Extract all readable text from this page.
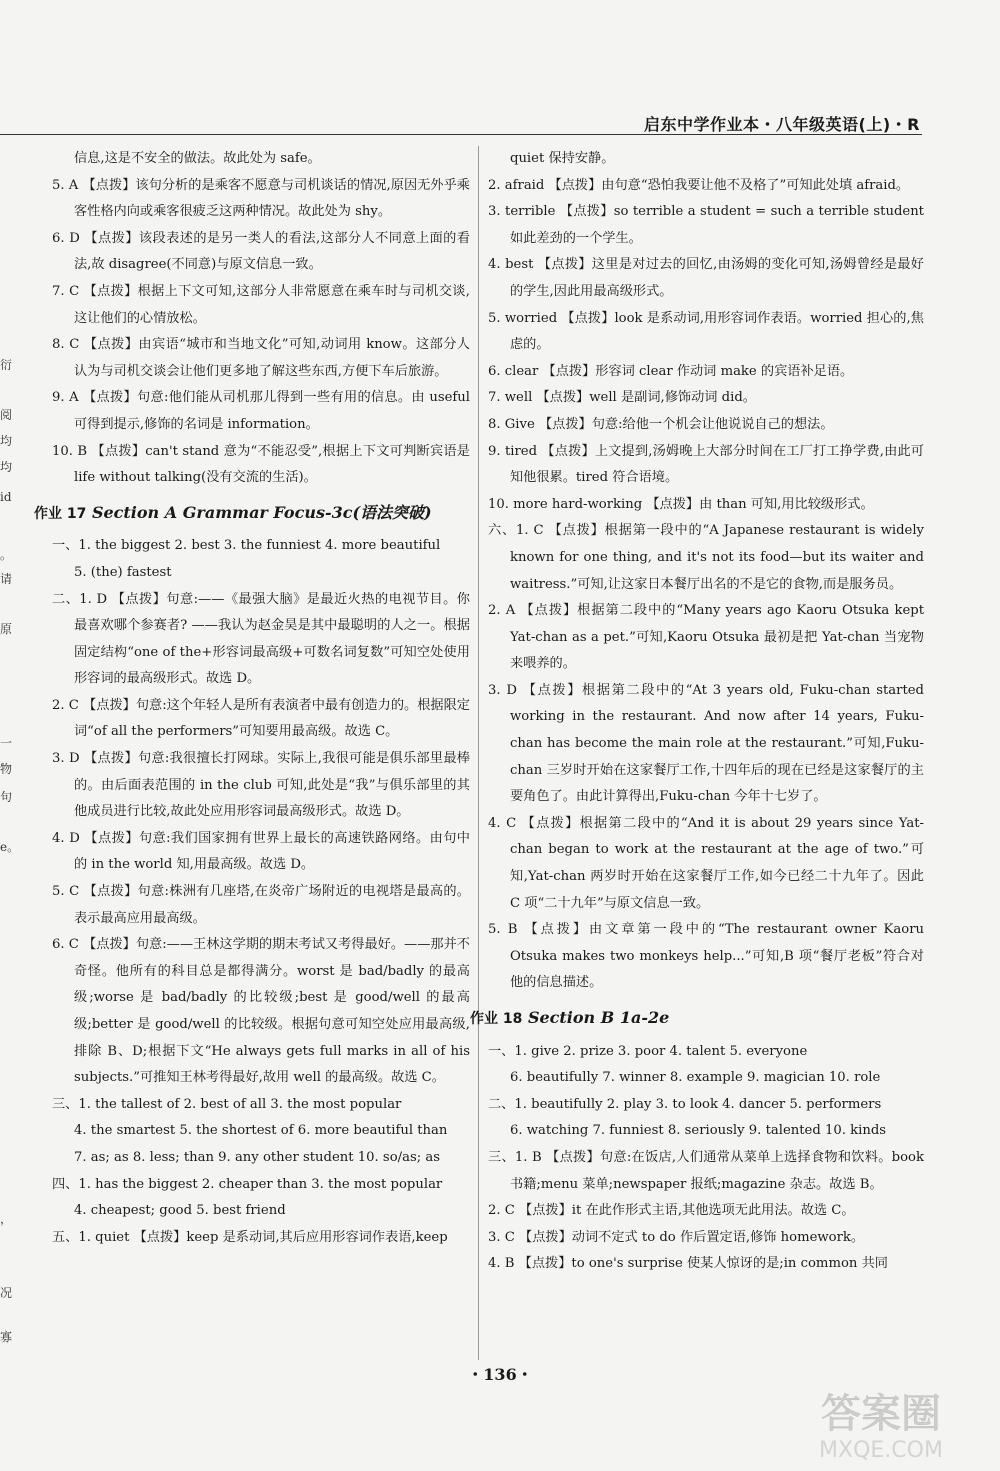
启东中学作业本・八年级英语(上)・R
衍
阅
均
均
id
。
请
原
一
物
句
e。
，
况
寡

信息,这是不安全的做法。故此处为 safe。

5. A 【点拨】该句分析的是乘客不愿意与司机谈话的情况,原因无外乎乘客性格内向或乘客很疲乏这两种情况。故此处为 shy。

6. D 【点拨】该段表述的是另一类人的看法,这部分人不同意上面的看法,故 disagree(不同意)与原文信息一致。

7. C 【点拨】根据上下文可知,这部分人非常愿意在乘车时与司机交谈,这让他们的心情放松。

8. C 【点拨】由宾语“城市和当地文化”可知,动词用 know。这部分人认为与司机交谈会让他们更多地了解这些东西,方便下车后旅游。

9. A 【点拨】句意:他们能从司机那儿得到一些有用的信息。由 useful 可得到提示,修饰的名词是 information。

10. B 【点拨】can't stand 意为“不能忍受”,根据上下文可判断宾语是 life without talking(没有交流的生活)。

作业 17 Section A Grammar Focus-3c(语法突破)

一、1. the biggest 2. best 3. the funniest 4. more beautiful

5. (the) fastest

二、1. D 【点拨】句意:——《最强大脑》是最近火热的电视节目。你最喜欢哪个参赛者? ——我认为赵金昊是其中最聪明的人之一。根据固定结构“one of the+形容词最高级+可数名词复数”可知空处使用形容词的最高级形式。故选 D。

2. C 【点拨】句意:这个年轻人是所有表演者中最有创造力的。根据限定词“of all the performers”可知要用最高级。故选 C。

3. D 【点拨】句意:我很擅长打网球。实际上,我很可能是俱乐部里最棒的。由后面表范围的 in the club 可知,此处是“我”与俱乐部里的其他成员进行比较,故此处应用形容词最高级形式。故选 D。

4. D 【点拨】句意:我们国家拥有世界上最长的高速铁路网络。由句中的 in the world 知,用最高级。故选 D。

5. C 【点拨】句意:株洲有几座塔,在炎帝广场附近的电视塔是最高的。表示最高应用最高级。

6. C 【点拨】句意:——王林这学期的期末考试又考得最好。——那并不奇怪。他所有的科目总是都得满分。worst 是 bad/badly 的最高级;worse 是 bad/badly 的比较级;best 是 good/well 的最高级;better 是 good/well 的比较级。根据句意可知空处应用最高级,排除 B、D;根据下文“He always gets full marks in all of his subjects.”可推知王林考得最好,故用 well 的最高级。故选 C。

三、1. the tallest of 2. best of all 3. the most popular

4. the smartest 5. the shortest of 6. more beautiful than

7. as; as 8. less; than 9. any other student 10. so/as; as

四、1. has the biggest 2. cheaper than 3. the most popular

4. cheapest; good 5. best friend

五、1. quiet 【点拨】keep 是系动词,其后应用形容词作表语,keep

quiet 保持安静。

2. afraid 【点拨】由句意“恐怕我要让他不及格了”可知此处填 afraid。

3. terrible 【点拨】so terrible a student = such a terrible student 如此差劲的一个学生。

4. best 【点拨】这里是对过去的回忆,由汤姆的变化可知,汤姆曾经是最好的学生,因此用最高级形式。

5. worried 【点拨】look 是系动词,用形容词作表语。worried 担心的,焦虑的。

6. clear 【点拨】形容词 clear 作动词 make 的宾语补足语。

7. well 【点拨】well 是副词,修饰动词 did。

8. Give 【点拨】句意:给他一个机会让他说说自己的想法。

9. tired 【点拨】上文提到,汤姆晚上大部分时间在工厂打工挣学费,由此可知他很累。tired 符合语境。

10. more hard-working 【点拨】由 than 可知,用比较级形式。

六、1. C 【点拨】根据第一段中的“A Japanese restaurant is widely known for one thing, and it's not its food—but its waiter and waitress.”可知,让这家日本餐厅出名的不是它的食物,而是服务员。

2. A 【点拨】根据第二段中的“Many years ago Kaoru Otsuka kept Yat-chan as a pet.”可知,Kaoru Otsuka 最初是把 Yat-chan 当宠物来喂养的。

3. D 【点拨】根据第二段中的“At 3 years old, Fuku-chan started working in the restaurant. And now after 14 years, Fuku-chan has become the main role at the restaurant.”可知,Fuku-chan 三岁时开始在这家餐厅工作,十四年后的现在已经是这家餐厅的主要角色了。由此计算得出,Fuku-chan 今年十七岁了。

4. C 【点拨】根据第二段中的“And it is about 29 years since Yat-chan began to work at the restaurant at the age of two.”可知,Yat-chan 两岁时开始在这家餐厅工作,如今已经二十九年了。因此 C 项“二十九年”与原文信息一致。

5. B 【点拨】由文章第一段中的“The restaurant owner Kaoru Otsuka makes two monkeys help...”可知,B 项“餐厅老板”符合对他的信息描述。

作业 18 Section B 1a-2e

一、1. give 2. prize 3. poor 4. talent 5. everyone

6. beautifully 7. winner 8. example 9. magician 10. role

二、1. beautifully 2. play 3. to look 4. dancer 5. performers

6. watching 7. funniest 8. seriously 9. talented 10. kinds

三、1. B 【点拨】句意:在饭店,人们通常从菜单上选择食物和饮料。book 书籍;menu 菜单;newspaper 报纸;magazine 杂志。故选 B。

2. C 【点拨】it 在此作形式主语,其他选项无此用法。故选 C。

3. C 【点拨】动词不定式 to do 作后置定语,修饰 homework。

4. B 【点拨】to one's surprise 使某人惊讶的是;in common 共同

・136・
答案圈
MXQE.COM
